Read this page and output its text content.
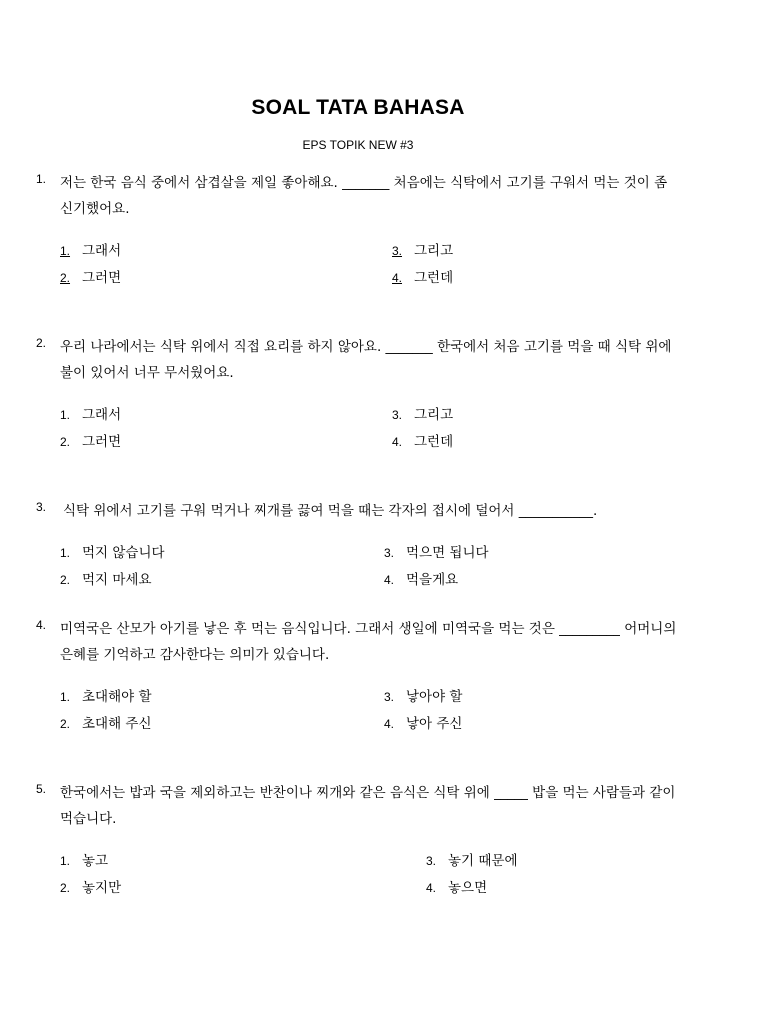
SOAL TATA BAHASA
EPS TOPIK NEW #3
1. 저는 한국 음식 중에서 삼겹살을 제일 좋아해요. _______ 처음에는 식탁에서 고기를 구워서 먹는 것이 좀 신기했어요.
1. 그래서
2. 그러면
3. 그리고
4. 그런데
2. 우리 나라에서는 식탁 위에서 직접 요리를 하지 않아요. _______ 한국에서 처음 고기를 먹을 때 식탁 위에 불이 있어서 너무 무서웠어요.
1. 그래서
2. 그러면
3. 그리고
4. 그런데
3. 식탁 위에서 고기를 구워 먹거나 찌개를 끓여 먹을 때는 각자의 접시에 덜어서 ___________.
1. 먹지 않습니다
2. 먹지 마세요
3. 먹으면 됩니다
4. 먹을게요
4. 미역국은 산모가 아기를 낳은 후 먹는 음식입니다. 그래서 생일에 미역국을 먹는 것은 _________ 어머니의 은혜를 기억하고 감사한다는 의미가 있습니다.
1. 초대해야 할
2. 초대해 주신
3. 낳아야 할
4. 낳아 주신
5. 한국에서는 밥과 국을 제외하고는 반찬이나 찌개와 같은 음식은 식탁 위에 _____ 밥을 먹는 사람들과 같이 먹습니다.
1. 놓고
2. 놓지만
3. 놓기 때문에
4. 놓으면
